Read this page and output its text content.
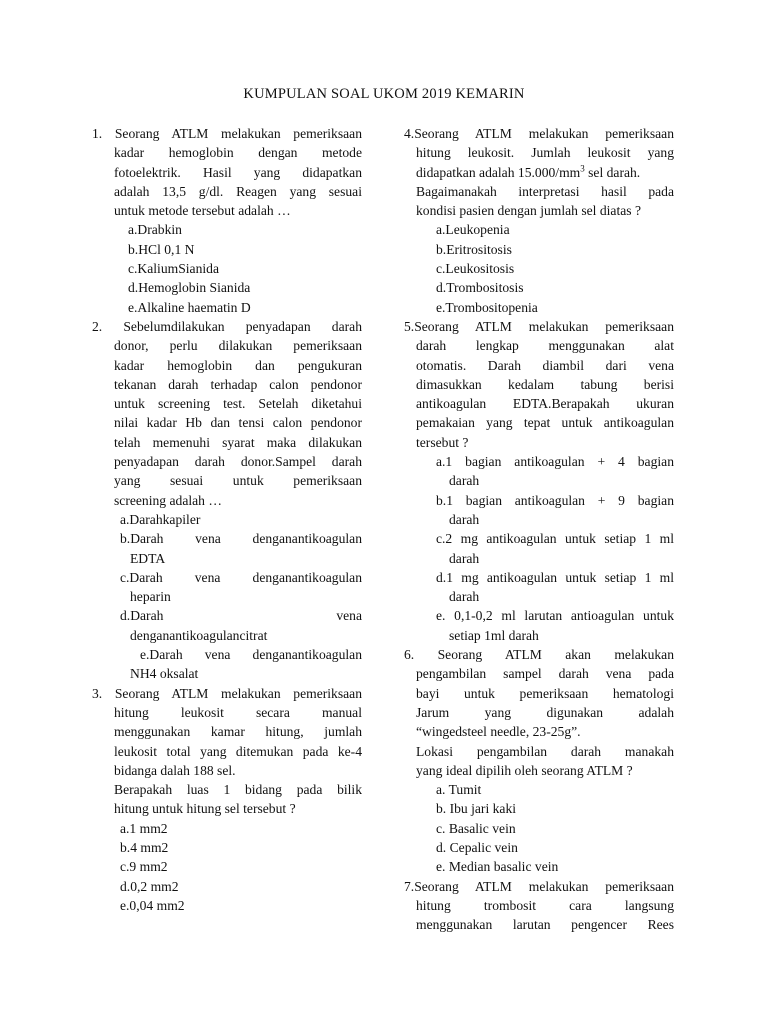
KUMPULAN SOAL UKOM 2019 KEMARIN
1. Seorang ATLM melakukan pemeriksaan
kadar hemoglobin dengan metode
fotoelektrik. Hasil yang didapatkan
adalah 13,5 g/dl. Reagen yang sesuai
untuk metode tersebut adalah …
a.Drabkin
b.HCl 0,1 N
c.KaliumSianida
d.Hemoglobin Sianida
e.Alkaline haematin D
2. Sebelumdilakukan penyadapan darah
donor, perlu dilakukan pemeriksaan
kadar hemoglobin dan pengukuran
tekanan darah terhadap calon pendonor
untuk screening test. Setelah diketahui
nilai kadar Hb dan tensi calon pendonor
telah memenuhi syarat maka dilakukan
penyadapan darah donor.Sampel darah
yang sesuai untuk pemeriksaan
screening adalah …
a.Darahkapiler
b.Darah vena denganantikoagulan
EDTA
c.Darah vena denganantikoagulan
heparin
d.Darah vena
denganantikoagulancitrat
e.Darah vena denganantikoagulan
NH4 oksalat
3. Seorang ATLM melakukan pemeriksaan
hitung leukosit secara manual
menggunakan kamar hitung, jumlah
leukosit total yang ditemukan pada ke-4
bidanga dalah 188 sel.
Berapakah luas 1 bidang pada bilik
hitung untuk hitung sel tersebut ?
a.1 mm2
b.4 mm2
c.9 mm2
d.0,2 mm2
e.0,04 mm2
4.Seorang ATLM melakukan pemeriksaan
hitung leukosit. Jumlah leukosit yang
didapatkan adalah $15.000/mm^3$ sel darah.
Bagaimanakah interpretasi hasil pada
kondisi pasien dengan jumlah sel diatas ?
a.Leukopenia
b.Eritrositosis
c.Leukositosis
d.Trombositosis
e.Trombositopenia
5.Seorang ATLM melakukan pemeriksaan
darah lengkap menggunakan alat
otomatis. Darah diambil dari vena
dimasukkan kedalam tabung berisi
antikoagulan EDTA.Berapakah ukuran
pemakaian yang tepat untuk antikoagulan
tersebut ?
a.1 bagian antikoagulan + 4 bagian
darah
b.1 bagian antikoagulan + 9 bagian
darah
c.2 mg antikoagulan untuk setiap 1 ml
darah
d.1 mg antikoagulan untuk setiap 1 ml
darah
e. 0,1-0,2 ml larutan antioagulan untuk
setiap 1ml darah
6. Seorang ATLM akan melakukan
pengambilan sampel darah vena pada
bayi untuk pemeriksaan hematologi
Jarum yang digunakan adalah
“wingedsteel needle, 23-25g”.
Lokasi pengambilan darah manakah
yang ideal dipilih oleh seorang ATLM ?
a. Tumit
b. Ibu jari kaki
c. Basalic vein
d. Cepalic vein
e. Median basalic vein
7.Seorang ATLM melakukan pemeriksaan
hitung trombosit cara langsung
menggunakan larutan pengencer Rees
